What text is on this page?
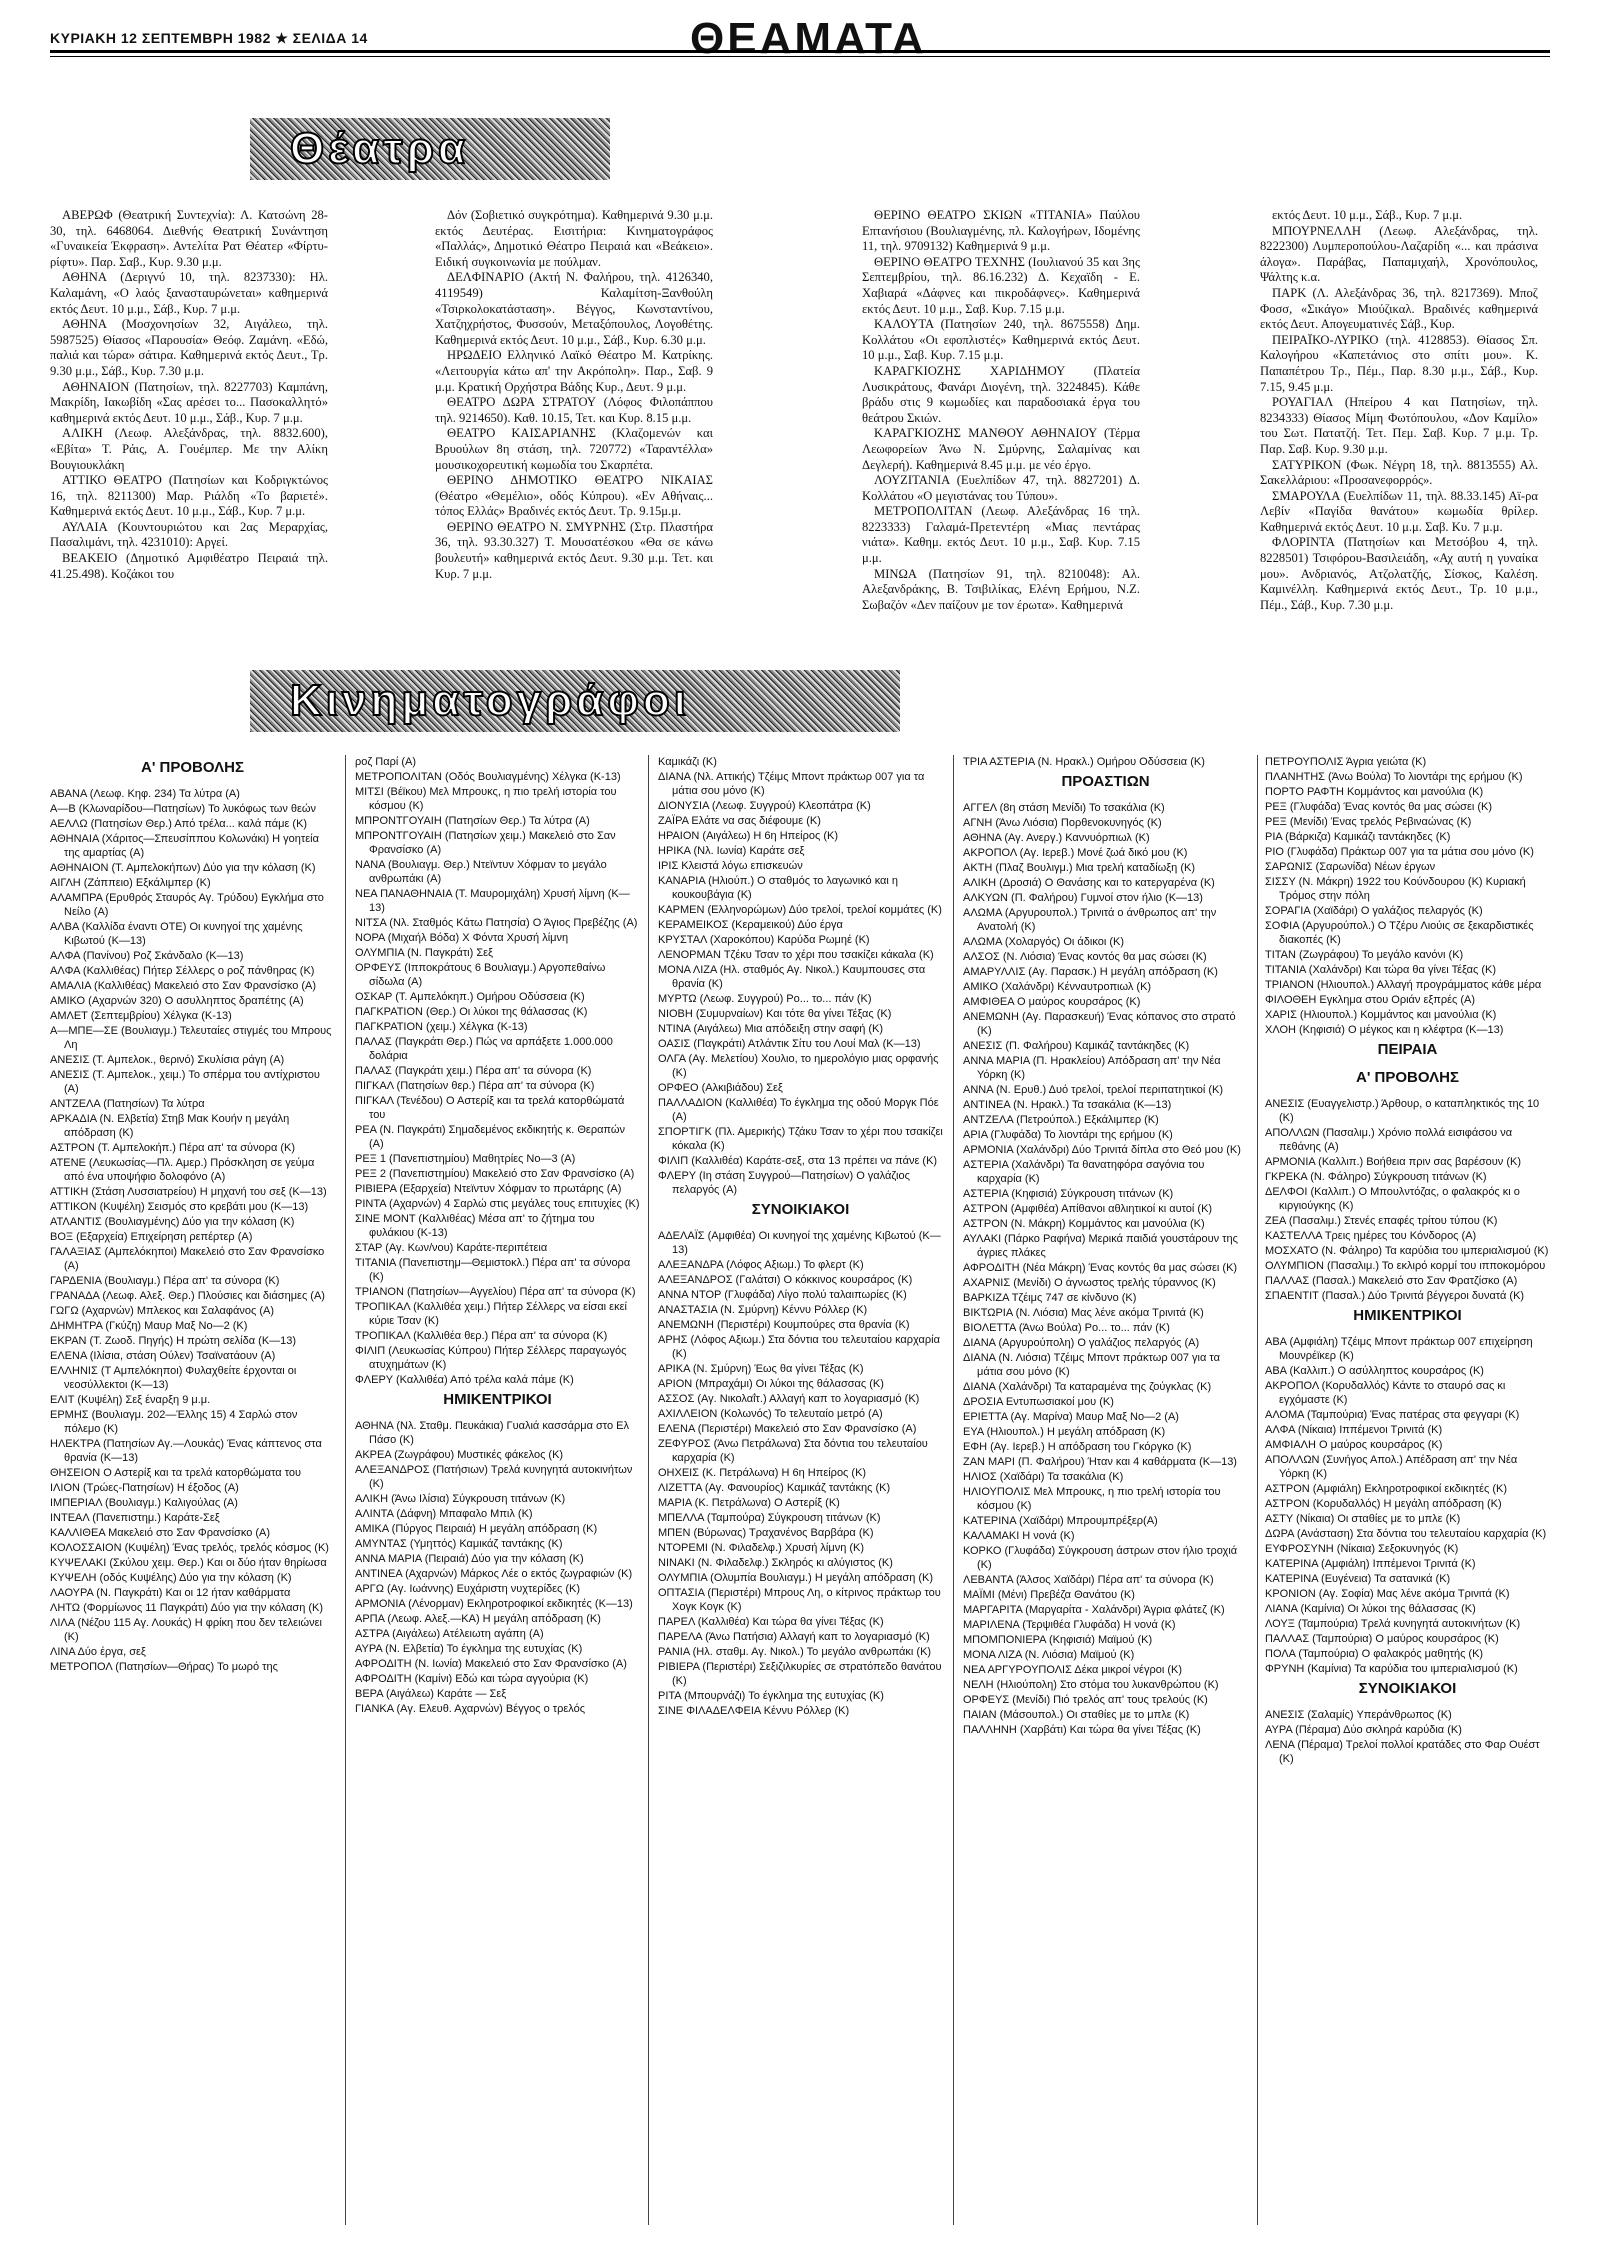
ΚΥΡΙΑΚΗ 12 ΣΕΠΤΕΜΒΡΗ 1982 ★ ΣΕΛΙΔΑ 14	ΘΕΑΜΑΤΑ
Θέατρα

ΑΒΕΡΩΦ (Θεατρική Συντεχνία): Λ. Κατσώνη 28-30, τηλ. 6468064. Διεθνής Θεατρική Συνάντηση «Γυναικεία Έκφραση». Αντελίτα Ρατ Θέατερ «Φίρτυ-ρίφτυ». Παρ. Σαβ., Κυρ. 9.30 μ.μ.

ΑΘΗΝΑ (Δεριγνύ 10, τηλ. 8237330): Ηλ. Καλαμάνη, «Ο λαός ξανασταυρώνεται» καθημερινά εκτός Δευτ. 10 μ.μ., Σάβ., Κυρ. 7 μ.μ.

ΑΘΗΝΑ (Μοσχονησίων 32, Αιγάλεω, τηλ. 5987525) Θίασος «Παρουσία» Θεόφ. Ζαμάνη. «Εδώ, παλιά και τώρα» σάτιρα. Καθημερινά εκτός Δευτ., Τρ. 9.30 μ.μ., Σάβ., Κυρ. 7.30 μ.μ.

ΑΘΗΝΑΙΟΝ (Πατησίων, τηλ. 8227703) Καμπάνη, Μακρίδη, Ιακωβίδη «Σας αρέσει το... Πασοκαλλητό» καθημερινά εκτός Δευτ. 10 μ.μ., Σάβ., Κυρ. 7 μ.μ.

ΑΛΙΚΗ (Λεωφ. Αλεξάνδρας, τηλ. 8832.600), «Εβίτα» Τ. Ράις, Α. Γουέμπερ. Με την Αλίκη Βουγιουκλάκη

ΑΤΤΙΚΟ ΘΕΑΤΡΟ (Πατησίων και Κοδριγκτώνος 16, τηλ. 8211300) Μαρ. Ριάλδη «Το βαριετέ». Καθημερινά εκτός Δευτ. 10 μ.μ., Σάβ., Κυρ. 7 μ.μ.

ΑΥΛΑΙΑ (Κουντουριώτου και 2ας Μεραρχίας, Πασαλιμάνι, τηλ. 4231010): Αργεί.

ΒΕΑΚΕΙΟ (Δημοτικό Αμφιθέατρο Πειραιά τηλ. 41.25.498). Κοζάκοι του

Δόν (Σοβιετικό συγκρότημα). Καθημερινά 9.30 μ.μ. εκτός Δευτέρας. Εισιτήρια: Κινηματογράφος «Παλλάς», Δημοτικό Θέατρο Πειραιά και «Βεάκειο». Ειδική συγκοινωνία με πούλμαν.

ΔΕΛΦΙΝΑΡΙΟ (Ακτή Ν. Φαλήρου, τηλ. 4126340, 4119549) Καλαμίτση-Ξανθούλη «Τσιρκολοκατάσταση». Βέγγος, Κωνσταντίνου, Χατζηχρήστος, Φυσσούν, Μεταξόπουλος, Λογοθέτης. Καθημερινά εκτός Δευτ. 10 μ.μ., Σάβ., Κυρ. 6.30 μ.μ.

ΗΡΩΔΕΙΟ Ελληνικό Λαϊκό Θέατρο Μ. Κατρίκης. «Λειτουργία κάτω απ' την Ακρόπολη». Παρ., Σαβ. 9 μ.μ. Κρατική Ορχήστρα Βάδης Κυρ., Δευτ. 9 μ.μ.

ΘΕΑΤΡΟ ΔΩΡΑ ΣΤΡΑΤΟΥ (Λόφος Φιλοπάππου τηλ. 9214650). Καθ. 10.15, Τετ. και Κυρ. 8.15 μ.μ.

ΘΕΑΤΡΟ ΚΑΙΣΑΡΙΑΝΗΣ (Κλαζομενών και Βρυούλων 8η στάση, τηλ. 720772) «Ταραντέλλα» μουσικοχορευτική κωμωδία του Σκαρπέτα.

ΘΕΡΙΝΟ ΔΗΜΟΤΙΚΟ ΘΕΑΤΡΟ ΝΙΚΑΙΑΣ (Θέατρο «Θεμέλιο», οδός Κύπρου). «Εν Αθήναις... τόπος Ελλάς» Βραδινές εκτός Δευτ. Τρ. 9.15μ.μ.

ΘΕΡΙΝΟ ΘΕΑΤΡΟ Ν. ΣΜΥΡΝΗΣ (Στρ. Πλαστήρα 36, τηλ. 93.30.327) Τ. Μουσατέσκου «Θα σε κάνω βουλευτή» καθημερινά εκτός Δευτ. 9.30 μ.μ. Τετ. και Κυρ. 7 μ.μ.

ΘΕΡΙΝΟ ΘΕΑΤΡΟ ΣΚΙΩΝ «ΤΙΤΑΝΙΑ» Παύλου Επτανήσιου (Βουλιαγμένης, πλ. Καλογήρων, Ιδομένης 11, τηλ. 9709132) Καθημερινά 9 μ.μ.

ΘΕΡΙΝΟ ΘΕΑΤΡΟ ΤΕΧΝΗΣ (Ιουλιανού 35 και 3ης Σεπτεμβρίου, τηλ. 86.16.232) Δ. Κεχαϊδη - Ε. Χαβιαρά «Δάφνες και πικροδάφνες». Καθημερινά εκτός Δευτ. 10 μ.μ., Σαβ. Κυρ. 7.15 μ.μ.

ΚΑΛΟΥΤΑ (Πατησίων 240, τηλ. 8675558) Δημ. Κολλάτου «Οι εφοπλιστές» Καθημερινά εκτός Δευτ. 10 μ.μ., Σαβ. Κυρ. 7.15 μ.μ.

ΚΑΡΑΓΚΙΟΖΗΣ ΧΑΡΙΔΗΜΟΥ (Πλατεία Λυσικράτους, Φανάρι Διογένη, τηλ. 3224845). Κάθε βράδυ στις 9 κωμωδίες και παραδοσιακά έργα του θεάτρου Σκιών.

ΚΑΡΑΓΚΙΟΖΗΣ ΜΑΝΘΟΥ ΑΘΗΝΑΙΟΥ (Τέρμα Λεωφορείων Άνω Ν. Σμύρνης, Σαλαμίνας και Δεγλερή). Καθημερινά 8.45 μ.μ. με νέο έργο.

ΛΟΥΖΙΤΑΝΙΑ (Ευελπίδων 47, τηλ. 8827201) Δ. Κολλάτου «Ο μεγιστάνας του Τύπου».

ΜΕΤΡΟΠΟΛΙΤΑΝ (Λεωφ. Αλεξάνδρας 16 τηλ. 8223333) Γαλαμά-Πρετεντέρη «Μιας πεντάρας νιάτα». Καθημ. εκτός Δευτ. 10 μ.μ., Σαβ. Κυρ. 7.15 μ.μ.

ΜΙΝΩΑ (Πατησίων 91, τηλ. 8210048): Αλ. Αλεξανδράκης, Β. Τσιβιλίκας, Ελένη Ερήμου, Ν.Ζ. Σωβαζόν «Δεν παίζουν με τον έρωτα». Καθημερινά

εκτός Δευτ. 10 μ.μ., Σάβ., Κυρ. 7 μ.μ.

ΜΠΟΥΡΝΕΛΛΗ (Λεωφ. Αλεξάνδρας, τηλ. 8222300) Λυμπεροπούλου-Λαζαρίδη «... και πράσινα άλογα». Παράβας, Παπαμιχαήλ, Χρονόπουλος, Ψάλτης κ.α.

ΠΑΡΚ (Λ. Αλεξάνδρας 36, τηλ. 8217369). Μποζ Φοσσ, «Σικάγο» Μιούζικαλ. Βραδινές καθημερινά εκτός Δευτ. Απογευματινές Σάβ., Κυρ.

ΠΕΙΡΑΪΚΟ-ΛΥΡΙΚΟ (τηλ. 4128853). Θίασος Σπ. Καλογήρου «Καπετάνιος στο σπίτι μου». Κ. Παπαπέτρου Τρ., Πέμ., Παρ. 8.30 μ.μ., Σάβ., Κυρ. 7.15, 9.45 μ.μ.

ΡΟΥΑΓΙΑΛ (Ηπείρου 4 και Πατησίων, τηλ. 8234333) Θίασος Μίμη Φωτόπουλου, «Δον Καμίλο» του Σωτ. Πατατζή. Τετ. Πεμ. Σαβ. Κυρ. 7 μ.μ. Τρ. Παρ. Σαβ. Κυρ. 9.30 μ.μ.

ΣΑΤΥΡΙΚΟΝ (Φωκ. Νέγρη 18, τηλ. 8813555) Αλ. Σακελλάριου: «Προσανεφορρός».

ΣΜΑΡΟΥΛΑ (Ευελπίδων 11, τηλ. 88.33.145) Αϊ-ρα Λεβίν «Παγίδα θανάτου» κωμωδία θρίλερ. Καθημερινά εκτός Δευτ. 10 μ.μ. Σαβ. Κυ. 7 μ.μ.

ΦΛΟΡΙΝΤΑ (Πατησίων και Μετσόβου 4, τηλ. 8228501) Τσιφόρου-Βασιλειάδη, «Αχ αυτή η γυναίκα μου». Ανδριανός, Ατζολατζής, Σίσκος, Καλέση. Καμινέλλη. Καθημερινά εκτός Δευτ., Τρ. 10 μ.μ., Πέμ., Σάβ., Κυρ. 7.30 μ.μ.

Κινηματογράφοι
Α' ΠΡΟΒΟΛΗΣ
ΑΒΑΝΑ (Λεωφ. Κηφ. 234) Τα λύτρα (Α)
Α—Β (Κλωναρίδου—Πατησίων) Το λυκόφως των θεών
ΑΕΛΛΩ (Πατησίων Θερ.) Από τρέλα... καλά πάμε (Κ)
ΑΘΗΝΑΙΑ (Χάριτος—Σπευσίππου Κολωνάκι) Η γοητεία της αμαρτίας (Α)
ΑΘΗΝΑΙΟΝ (Τ. Αμπελοκήπων) Δύο για την κόλαση (Κ)
ΑΙΓΛΗ (Ζάππειο) Εξκάλιμπερ (Κ)
ΑΛΑΜΠΡΑ (Ερυθρός Σταυρός Αγ. Τρύδου) Εγκλήμα στο Νείλο (Α)
ΑΛΒΑ (Καλλίδα έναντι ΟΤΕ) Οι κυνηγοί της χαμένης Κιβωτού (Κ—13)
ΑΛΦΑ (Πανίνου) Ροζ Σκάνδαλο (Κ—13)
ΑΛΦΑ (Καλλιθέας) Πήτερ Σέλλερς ο ροζ πάνθηρας (Κ)
ΑΜΑΛΙΑ (Καλλιθέας) Μακελειό στο Σαν Φρανσίσκο (Α)
ΑΜΙΚΟ (Αχαρνών 320) Ο ασυλληπτος δραπέτης (Α)
ΑΜΛΕΤ (Σεπτεμβρίου) Χέλγκα (Κ-13)
Α—ΜΠΕ—ΣΕ (Βουλιαγμ.) Τελευταίες στιγμές του Μπρους Λη
ΑΝΕΣΙΣ (Τ. Αμπελοκ., θερινό) Σκυλίσια ράγη (Α)
ΑΝΕΣΙΣ (Τ. Αμπελοκ., χειμ.) Το σπέρμα του αντίχριστου (Α)
ΑΝΤΖΕΛΑ (Πατησίων) Τα λύτρα
ΑΡΚΑΔΙΑ (Ν. Ελβετία) Στηβ Μακ Κουήν η μεγάλη απόδραση (Κ)
ΑΣΤΡΟΝ (Τ. Αμπελοκήπ.) Πέρα απ' τα σύνορα (Κ)
ΑΤΕΝΕ (Λευκωσίας—Πλ. Αμερ.) Πρόσκληση σε γεύμα από ένα υποψήφιο δολοφόνο (Α)
ΑΤΤΙΚΗ (Στάση Λυσσιατρείου) Η μηχανή του σεξ (Κ—13)
ΑΤΤΙΚΟΝ (Κυψέλη) Σεισμός στο κρεβάτι μου (Κ—13)
ΑΤΛΑΝΤΙΣ (Βουλιαγμένης) Δύο για την κόλαση (Κ)
ΒΟΞ (Εξαρχεία) Επιχείρηση ρεπέρτερ (Α)
ΓΑΛΑΞΙΑΣ (Αμπελόκηποι) Μακελειό στο Σαν Φρανσίσκο (Α)
ΓΑΡΔΕΝΙΑ (Βουλιαγμ.) Πέρα απ' τα σύνορα (Κ)
ΓΡΑΝΑΔΑ (Λεωφ. Αλεξ. Θερ.) Πλούσιες και διάσημες (Α)
ΓΩΓΩ (Αχαρνών) Μπλεκος και Σαλαφάνος (Α)
ΔΗΜΗΤΡΑ (Γκύζη) Μαυρ Μαξ Νο—2 (Κ)
ΕΚΡΑΝ (Τ. Ζωοδ. Πηγής) Η πρώτη σελίδα (Κ—13)
ΕΛΕΝΑ (Ιλίσια, στάση Ούλεν) Τσαϊνατάουν (Α)
ΕΛΛΗΝΙΣ (Τ Αμπελόκηποι) Φυλαχθείτε έρχονται οι νεοσύλλεκτοι (Κ—13)
ΕΛΙΤ (Κυψέλη) Σεξ έναρξη 9 μ.μ.
ΕΡΜΗΣ (Βουλιαγμ. 202—Έλλης 15) 4 Σαρλώ στον πόλεμο (Κ)
ΗΛΕΚΤΡΑ (Πατησίων Αγ.—Λουκάς) Ένας κάπτενος στα θρανία (Κ—13)
ΘΗΣΕΙΟΝ Ο Αστερίξ και τα τρελά κατορθώματα του
ΙΛΙΟΝ (Τρώες-Πατησίων) Η έξοδος (Α)
ΙΜΠΕΡΙΑΛ (Βουλιαγμ.) Καλιγούλας (Α)
ΙΝΤΕΑΛ (Πανεπιστημ.) Καράτε-Σεξ
ΚΑΛΛΙΘΕΑ Μακελειό στο Σαν Φρανσίσκο (Α)
ΚΟΛΟΣΣΑΙΟΝ (Κυψέλη) Ένας τρελός, τρελός κόσμος (Κ)
ΚΥΨΕΛΑΚΙ (Σκύλου χειμ. Θερ.) Και οι δύο ήταν θηρίωσα
ΚΥΨΕΛΗ (οδός Κυψέλης) Δύο για την κόλαση (Κ)
ΛΑΟΥΡΑ (Ν. Παγκράτι) Και οι 12 ήταν καθάρματα
ΛΗΤΩ (Φορμίωνος 11 Παγκράτι) Δύο για την κόλαση (Κ)
ΛΙΛΑ (Νέζου 115 Αγ. Λουκάς) Η φρίκη που δεν τελειώνει (Κ)
ΛΙΝΑ Δύο έργα, σεξ
ΜΕΤΡΟΠΟΛ (Πατησίων—Θήρας) Το μωρό της
ροζ Παρί (Α)
ΜΕΤΡΟΠΟΛΙΤΑΝ (Οδός Βουλιαγμένης) Χέλγκα (Κ-13)
ΜΙΤΣΙ (Βέϊκου) Μελ Μπρουκς, η πιο τρελή ιστορία του κόσμου (Κ)
ΜΠΡΟΝΤΓΟΥΑΙΗ (Πατησίων Θερ.) Τα λύτρα (Α)
ΜΠΡΟΝΤΓΟΥΑΙΗ (Πατησίων χειμ.) Μακελειό στο Σαν Φρανσίσκο (Α)
ΝΑΝΑ (Βουλιαγμ. Θερ.) Ντεϊντυν Χόφμαν το μεγάλο ανθρωπάκι (Α)
ΝΕΑ ΠΑΝΑΘΗΝΑΙΑ (Τ. Μαυρομιχάλη) Χρυσή λίμνη (Κ—13)
ΝΙΤΣΑ (Νλ. Σταθμός Κάτω Πατησία) Ο Άγιος Πρεβέζης (Α)
ΝΟΡΑ (Μιχαήλ Βόδα) Χ Φόντα Χρυσή λίμνη
ΟΛΥΜΠΙΑ (Ν. Παγκράτι) Σεξ
ΟΡΦΕΥΣ (Ιπποκράτους 6 Βουλιαγμ.) Αργοπεθαίνω σίδωλα (Α)
ΟΣΚΑΡ (Τ. Αμπελόκηπ.) Ομήρου Οδύσσεια (Κ)
ΠΑΓΚΡΑΤΙΟΝ (Θερ.) Οι λύκοι της θάλασσας (Κ)
ΠΑΓΚΡΑΤΙΟΝ (χειμ.) Χέλγκα (Κ-13)
ΠΑΛΑΣ (Παγκράτι Θερ.) Πώς να αρπάξετε 1.000.000 δολάρια
ΠΑΛΑΣ (Παγκράτι χειμ.) Πέρα απ' τα σύνορα (Κ)
ΠΙΓΚΑΛ (Πατησίων θερ.) Πέρα απ' τα σύνορα (Κ)
ΠΙΓΚΑΛ (Τενέδου) Ο Αστερίξ και τα τρελά κατορθώματά του
ΡΕΑ (Ν. Παγκράτι) Σημαδεμένος εκδικητής κ. Θεραπών (Α)
ΡΕΞ 1 (Πανεπιστημίου) Μαθητρίες Νο—3 (Α)
ΡΕΞ 2 (Πανεπιστημίου) Μακελειό στο Σαν Φρανσίσκο (Α)
ΡΙΒΙΕΡΑ (Εξαρχεία) Ντεϊντυν Χόφμαν το πρωτάρης (Α)
ΡΙΝΤΑ (Αχαρνών) 4 Σαρλώ στις μεγάλες τους επιτυχίες (Κ)
ΣΙΝΕ ΜΟΝΤ (Καλλιθέας) Μέσα απ' το ζήτημα του φυλάκιου (Κ-13)
ΣΤΑΡ (Αγ. Κων/νου) Καράτε-περιπέτεια
ΤΙΤΑΝΙΑ (Πανεπιστημ—Θεμιστοκλ.) Πέρα απ' τα σύνορα (Κ)
ΤΡΙΑΝΟΝ (Πατησίων—Αγγελίου) Πέρα απ' τα σύνορα (Κ)
ΤΡΟΠΙΚΑΛ (Καλλιθέα χειμ.) Πήτερ Σέλλερς να είσαι εκεί κύριε Τσαν (Κ)
ΤΡΟΠΙΚΑΛ (Καλλιθέα θερ.) Πέρα απ' τα σύνορα (Κ)
ΦΙΛΙΠ (Λευκωσίας Κύπρου) Πήτερ Σέλλερς παραγωγός ατυχημάτων (Κ)
ΦΛΕΡΥ (Καλλιθέα) Από τρέλα καλά πάμε (Κ)
ΗΜΙΚΕΝΤΡΙΚΟΙ
ΑΘΗΝΑ (Νλ. Σταθμ. Πευκάκια) Γυαλιά κασσάρμα στο Ελ Πάσο (Κ)
ΑΚΡΕΑ (Ζωγράφου) Μυστικές φάκελος (Κ)
ΑΛΕΞΑΝΔΡΟΣ (Πατήσιων) Τρελά κυνηγητά αυτοκινήτων (Κ)
ΑΛΙΚΗ (Άνω Ιλίσια) Σύγκρουση τιτάνων (Κ)
ΑΛΙΝΤΑ (Δάφνη) Μπαφαλο Μπιλ (Κ)
ΑΜΙΚΑ (Πύργος Πειραιά) Η μεγάλη απόδραση (Κ)
ΑΜΥΝΤΑΣ (Υμηττός) Καμικάζ ταντάκης (Κ)
ΑΝΝΑ ΜΑΡΙΑ (Πειραιά) Δύο για την κόλαση (Κ)
ΑΝΤΙΝΕΑ (Αχαρνών) Μάρκος Λέε ο εκτός ζωγραφιών (Κ)
ΑΡΓΩ (Αγ. Ιωάννης) Ευχάριστη νυχτερίδες (Κ)
ΑΡΜΟΝΙΑ (Λένορμαν) Εκληροτροφικοί εκδικητές (Κ—13)
ΑΡΠΑ (Λεωφ. Αλεξ.—ΚΑ) Η μεγάλη απόδραση (Κ)
ΑΣΤΡΑ (Αιγάλεω) Ατέλειωτη αγάπη (Α)
ΑΥΡΑ (Ν. Ελβετία) Το έγκλημα της ευτυχίας (Κ)
ΑΦΡΟΔΙΤΗ (Ν. Ιωνία) Μακελειό στο Σαν Φρανσίσκο (Α)
ΑΦΡΟΔΙΤΗ (Καμίνι) Εδώ και τώρα αγγούρια (Κ)
ΒΕΡΑ (Αιγάλεω) Καράτε — Σεξ
ΓΙΑΝΚΑ (Αγ. Ελευθ. Αχαρνών) Βέγγος ο τρελός
Καμικάζι (Κ)
ΔΙΑΝΑ (Νλ. Αττικής) Τζέιμς Μποντ πράκτωρ 007 για τα μάτια σου μόνο (Κ)
ΔΙΟΝΥΣΙΑ (Λεωφ. Συγγρού) Κλεοπάτρα (Κ)
ΖΑΪΡΑ Ελάτε να σας διέφουμε (Κ)
ΗΡΑΙΟΝ (Αιγάλεω) Η 6η Ηπείρος (Κ)
ΗΡΙΚΑ (Νλ. Ιωνία) Καράτε σεξ
ΙΡΙΣ Κλειστά λόγω επισκευών
ΚΑΝΑΡΙΑ (Ηλιούπ.) Ο σταθμός το λαγωνικό και η κουκουβάγια (Κ)
ΚΑΡΜΕΝ (Ελληνορώμων) Δύο τρελοί, τρελοί κομμάτες (Κ)
ΚΕΡΑΜΕΙΚΟΣ (Κεραμεικού) Δύο έργα
ΚΡΥΣΤΑΛ (Χαροκόπου) Καρύδα Ρωμηέ (Κ)
ΛΕΝΟΡΜΑΝ Τζέκυ Τσαν το χέρι που τσακίζει κάκαλα (Κ)
ΜΟΝΑ ΛΙΖΑ (Ηλ. σταθμός Αγ. Νικολ.) Καυμπουσες στα θρανία (Κ)
ΜΥΡΤΩ (Λεωφ. Συγγρού) Ρο... το... πάν (Κ)
ΝΙΟΒΗ (Συμυρναίων) Και τότε θα γίνει Τέξας (Κ)
ΝΤΙΝΑ (Αιγάλεω) Μια απόδειξη στην σαφή (Κ)
ΟΑΣΙΣ (Παγκράτι) Ατλάντικ Σίτυ του Λουί Μαλ (Κ—13)
ΟΛΓΑ (Αγ. Μελετίου) Χουλιο, το ημερολόγιο μιας ορφανής (Κ)
ΟΡΦΕΟ (Αλκιβιάδου) Σεξ
ΠΑΛΛΑΔΙΟΝ (Καλλιθέα) Το έγκλημα της οδού Μοργκ Πόε (Α)
ΣΠΟΡΤΙΓΚ (Πλ. Αμερικής) Τζάκυ Τσαν το χέρι που τσακίζει κόκαλα (Κ)
ΦΙΛΙΠ (Καλλιθέα) Καράτε-σεξ, στα 13 πρέπει να πάνε (Κ)
ΦΛΕΡΥ (Ιη στάση Συγγρού—Πατησίων) Ο γαλάζιος πελαργός (Α)
ΣΥΝΟΙΚΙΑΚΟΙ
ΑΔΕΛΑΪΣ (Αμφιθέα) Οι κυνηγοί της χαμένης Κιβωτού (Κ—13)
ΑΛΕΞΑΝΔΡΑ (Λόφος Αξιωμ.) Το φλερτ (Κ)
ΑΛΕΞΑΝΔΡΟΣ (Γαλάτσι) Ο κόκκινος κουρσάρος (Κ)
ΑΝΝΑ ΝΤΟΡ (Γλυφάδα) Λίγο πολύ ταλαιπωρίες (Κ)
ΑΝΑΣΤΑΣΙΑ (Ν. Σμύρνη) Κέννυ Ρόλλερ (Κ)
ΑΝΕΜΩΝΗ (Περιστέρι) Κουμπούρες στα θρανία (Κ)
ΑΡΗΣ (Λόφος Αξιωμ.) Στα δόντια του τελευταίου καρχαρία (Κ)
ΑΡΙΚΑ (Ν. Σμύρνη) Έως θα γίνει Τέξας (Κ)
ΑΡΙΟΝ (Μπραχάμι) Οι λύκοι της θάλασσας (Κ)
ΑΣΣΟΣ (Αγ. Νικολαΐτ.) Αλλαγή καπ το λογαριασμό (Κ)
ΑΧΙΛΛΕΙΟΝ (Κολωνός) Το τελευταίο μετρό (Α)
ΕΛΕΝΑ (Περιστέρι) Μακελειό στο Σαν Φρανσίσκο (Α)
ΖΕΦΥΡΟΣ (Άνω Πετράλωνα) Στα δόντια του τελευταίου καρχαρία (Κ)
ΟΗΧΕΙΣ (Κ. Πετράλωνα) Η 6η Ηπείρος (Κ)
ΛΙΖΕΤΤΑ (Αγ. Φανουρίος) Καμικάζ ταντάκης (Κ)
ΜΑΡΙΑ (Κ. Πετράλωνα) Ο Αστερίξ (Κ)
ΜΠΕΛΛΑ (Ταμπούρα) Σύγκρουση τιτάνων (Κ)
ΜΠΕΝ (Βύρωνας) Τραχανένος Βαρβάρα (Κ)
ΝΤΟΡΕΜΙ (Ν. Φιλαδελφ.) Χρυσή λίμνη (Κ)
ΝΙΝΑΚΙ (Ν. Φιλαδελφ.) Σκληρός κι αλύγιστος (Κ)
ΟΛΥΜΠΙΑ (Ολυμπία Βουλιαγμ.) Η μεγάλη απόδραση (Κ)
ΟΠΤΑΣΙΑ (Περιστέρι) Μπρους Λη, ο κίτρινος πράκτωρ του Χογκ Κογκ (Κ)
ΠΑΡΕΛ (Καλλιθέα) Και τώρα θα γίνει Τέξας (Κ)
ΠΑΡΕΛΑ (Άνω Πατήσια) Αλλαγή καπ το λογαριασμό (Κ)
ΡΑΝΙΑ (Ηλ. σταθμ. Αγ. Νικολ.) Το μεγάλο ανθρωπάκι (Κ)
ΡΙΒΙΕΡΑ (Περιστέρι) Σεξιζιλκυρίες σε στρατόπεδο θανάτου (Κ)
ΡΙΤΑ (Μπουρνάζι) Το έγκλημα της ευτυχίας (Κ)
ΣΙΝΕ ΦΙΛΑΔΕΛΦΕΙΑ Κέννυ Ρόλλερ (Κ)
ΤΡΙΑ ΑΣΤΕΡΙΑ (Ν. Ηρακλ.) Ομήρου Οδύσσεια (Κ)
ΠΡΟΑΣΤΙΩΝ
ΑΓΓΕΛ (8η στάση Μενίδι) Το τσακάλια (Κ)
ΑΓΝΗ (Άνω Λιόσια) Πορθενοκυνηγός (Κ)
ΑΘΗΝΑ (Αγ. Ανεργ.) Καννυόρπιωλ (Κ)
ΑΚΡΟΠΟΛ (Αγ. Ιερεβ.) Μονέ ζωά δικό μου (Κ)
ΑΚΤΗ (Πλαζ Βουλιγμ.) Μια τρελή καταδίωξη (Κ)
ΑΛΙΚΗ (Δροσιά) Ο Θανάσης και το κατεργαρένα (Κ)
ΑΛΚΥΩΝ (Π. Φαλήρου) Γυμνοί στον ήλιο (Κ—13)
ΑΛΩΜΑ (Αργυρουπολ.) Τρινιτά ο άνθρωπος απ' την Ανατολή (Κ)
ΑΛΩΜΑ (Χολαργός) Οι άδικοι (Κ)
ΑΛΣΟΣ (Ν. Λιόσια) Ένας κοντός θα μας σώσει (Κ)
ΑΜΑΡΥΛΛΙΣ (Αγ. Παρασκ.) Η μεγάλη απόδραση (Κ)
ΑΜΙΚΟ (Χαλάνδρι) Κένναυτροπιωλ (Κ)
ΑΜΦΙΘΕΑ Ο μαύρος κουρσάρος (Κ)
ΑΝΕΜΩΝΗ (Αγ. Παρασκευή) Ένας κόπανος στο στρατό (Κ)
ΑΝΕΣΙΣ (Π. Φαλήρου) Καμικάζ ταντάκηδες (Κ)
ΑΝΝΑ ΜΑΡΙΑ (Π. Ηρακλείου) Απόδραση απ' την Νέα Υόρκη (Κ)
ΑΝΝΑ (Ν. Ερυθ.) Δυό τρελοί, τρελοί περιπατητικοί (Κ)
ΑΝΤΙΝΕΑ (Ν. Ηρακλ.) Τα τσακάλια (Κ—13)
ΑΝΤΖΕΛΑ (Πετρούπολ.) Εξκάλιμπερ (Κ)
ΑΡΙΑ (Γλυφάδα) Το λιοντάρι της ερήμου (Κ)
ΑΡΜΟΝΙΑ (Χαλάνδρι) Δύο Τρινιτά δίπλα στο Θεό μου (Κ)
ΑΣΤΕΡΙΑ (Χαλάνδρι) Τα θανατηφόρα σαγόνια του καρχαρία (Κ)
ΑΣΤΕΡΙΑ (Κηφισιά) Σύγκρουση τιτάνων (Κ)
ΑΣΤΡΟΝ (Αμφιθέα) Απίθανοι αθλιητικοί κι αυτοί (Κ)
ΑΣΤΡΟΝ (Ν. Μάκρη) Κομμάντος και μανούλια (Κ)
ΑΥΛΑΚΙ (Πάρκο Ραφήνα) Μερικά παιδιά γουστάρουν της άγριες πλάκες
ΑΦΡΟΔΙΤΗ (Νέα Μάκρη) Ένας κοντός θα μας σώσει (Κ)
ΑΧΑΡΝΙΣ (Μενίδι) Ο άγνωστος τρελής τύραννος (Κ)
ΒΑΡΚΙΖΑ Τζέιμς 747 σε κίνδυνο (Κ)
ΒΙΚΤΩΡΙΑ (Ν. Λιόσια) Μας λένε ακόμα Τρινιτά (Κ)
ΒΙΟΛΕΤΤΑ (Άνω Βούλα) Ρο... το... πάν (Κ)
ΔΙΑΝΑ (Αργυρούπολη) Ο γαλάζιος πελαργός (Α)
ΔΙΑΝΑ (Ν. Λιόσια) Τζέιμς Μποντ πράκτωρ 007 για τα μάτια σου μόνο (Κ)
ΔΙΑΝΑ (Χαλάνδρι) Τα καταραμένα της ζούγκλας (Κ)
ΔΡΟΣΙΑ Εντυπωσιακοί μου (Κ)
ΕΡΙΕΤΤΑ (Αγ. Μαρίνα) Μαυρ Μαξ Νο—2 (Α)
ΕΥΑ (Ηλιουπολ.) Η μεγάλη απόδραση (Κ)
ΕΦΗ (Αγ. Ιερεβ.) Η απόδραση του Γκόργκο (Κ)
ΖΑΝ ΜΑΡΙ (Π. Φαλήρου) Ήταν και 4 καθάρματα (Κ—13)
ΗΛΙΟΣ (Χαϊδάρι) Τα τσακάλια (Κ)
ΗΛΙΟΥΠΟΛΙΣ Μελ Μπρουκς, η πιο τρελή ιστορία του κόσμου (Κ)
ΚΑΤΕΡΙΝΑ (Χαϊδάρι) Μπρουμπρέξερ(Α)
ΚΑΛΑΜΑΚΙ Η νονά (Κ)
ΚΟΡΚΟ (Γλυφάδα) Σύγκρουση άστρων στον ήλιο τροχιά (Κ)
ΛΕΒΑΝΤΑ (Άλσος Χαϊδάρι) Πέρα απ' τα σύνορα (Κ)
ΜΑΪΜΙ (Μένι) Πρεβέζα Θανάτου (Κ)
ΜΑΡΓΑΡΙΤΑ (Μαργαρίτα - Χαλάνδρι) Άγρια φλάτεζ (Κ)
ΜΑΡΙΛΕΝΑ (Τερψιθέα Γλυφάδα) Η νονά (Κ)
ΜΠΟΜΠΟΝΙΕΡΑ (Κηφισιά) Μαϊμού (Κ)
ΜΟΝΑ ΛΙΖΑ (Ν. Λιόσια) Μαϊμού (Κ)
ΝΕΑ ΑΡΓΥΡΟΥΠΟΛΙΣ Δέκα μικροί νέγροι (Κ)
ΝΕΛΗ (Ηλιούπολη) Στο στόμα του λυκανθρώπου (Κ)
ΟΡΦΕΥΣ (Μενίδι) Πιό τρελός απ' τους τρελούς (Κ)
ΠΑΙΑΝ (Μάσουπολ.) Οι σταθίες με το μπλε (Κ)
ΠΑΛΛΗΝΗ (Χαρβάτι) Και τώρα θα γίνει Τέξας (Κ)
ΠΕΤΡΟΥΠΟΛΙΣ Άγρια γειώτα (Κ)
ΠΛΑΝΗΤΗΣ (Άνω Βούλα) Το λιοντάρι της ερήμου (Κ)
ΠΟΡΤΟ ΡΑΦΤΗ Κομμάντος και μανούλια (Κ)
ΡΕΞ (Γλυφάδα) Ένας κοντός θα μας σώσει (Κ)
ΡΕΞ (Μενίδι) Ένας τρελός Ρεβιναώνας (Κ)
ΡΙΑ (Βάρκιζα) Καμικάζι ταντάκηδες (Κ)
ΡΙΟ (Γλυφάδα) Πράκτωρ 007 για τα μάτια σου μόνο (Κ)
ΣΑΡΩΝΙΣ (Σαρωνίδα) Νέων έργων
ΣΙΣΣΥ (Ν. Μάκρη) 1922 του Κούνδουρου (Κ) Κυριακή Τρόμος στην πόλη
ΣΟΡΑΓΙΑ (Χαϊδάρι) Ο γαλάζιος πελαργός (Κ)
ΣΟΦΙΑ (Αργυρούπολ.) Ο Τζέρυ Λιούις σε ξεκαρδιστικές διακοπές (Κ)
ΤΙΤΑΝ (Ζωγράφου) Το μεγάλο κανόνι (Κ)
ΤΙΤΑΝΙΑ (Χαλάνδρι) Και τώρα θα γίνει Τέξας (Κ)
ΤΡΙΑΝΟΝ (Ηλιουπολ.) Αλλαγή προγράμματος κάθε μέρα
ΦΙΛΟΘΕΗ Εγκλημα στου Οριάν εξπρές (Α)
ΧΑΡΙΣ (Ηλιουπολ.) Κομμάντος και μανούλια (Κ)
ΧΛΟΗ (Κηφισιά) Ο μέγκος και η κλέφτρα (Κ—13)
ΠΕΙΡΑΙΑ
Α' ΠΡΟΒΟΛΗΣ
ΑΝΕΣΙΣ (Ευαγγελιστρ.) Άρθουρ, ο καταπληκτικός της 10 (Κ)
ΑΠΟΛΛΩΝ (Πασαλιμ.) Χρόνιο πολλά εισιφάσου να πεθάνης (Α)
ΑΡΜΟΝΙΑ (Καλλιπ.) Βοήθεια πριν σας βαρέσουν (Κ)
ΓΚΡΕΚΑ (Ν. Φάληρο) Σύγκρουση τιτάνων (Κ)
ΔΕΛΦΟΙ (Καλλιπ.) Ο Μπουλντόζας, ο φαλακρός κι ο κιργιούγκης (Κ)
ΖΕΑ (Πασαλιμ.) Στενές επαφές τρίτου τύπου (Κ)
ΚΑΣΤΕΛΛΑ Τρεις ημέρες του Κόνδορος (Α)
ΜΟΣΧΑΤΟ (Ν. Φάληρο) Τα καρύδια του ιμπεριαλισμού (Κ)
ΟΛΥΜΠΙΟΝ (Πασαλιμ.) Το εκλιρό κορμί του ιπποκομόρου
ΠΑΛΛΑΣ (Πασαλ.) Μακελειό στο Σαν Φρατζίσκο (Α)
ΣΠΑΕΝΤΙΤ (Πασαλ.) Δύο Τρινιτά βέγγεροι δυνατά (Κ)
ΗΜΙΚΕΝΤΡΙΚΟΙ
ΑΒΑ (Αμφιάλη) Τζέιμς Μποντ πράκτωρ 007 επιχείρηση Μουνρέϊκερ (Κ)
ΑΒΑ (Καλλιπ.) Ο ασύλληπτος κουρσάρος (Κ)
ΑΚΡΟΠΟΛ (Κορυδαλλός) Κάντε το σταυρό σας κι εγχόμαστε (Κ)
ΑΛΟΜΑ (Ταμπούρια) Ένας πατέρας στα φεγγαρι (Κ)
ΑΛΦΑ (Νίκαια) Ιππέμενοι Τρινιτά (Κ)
ΑΜΦΙΑΛΗ Ο μαύρος κουρσάρος (Κ)
ΑΠΟΛΛΩΝ (Συνήγος Απολ.) Απέδραση απ' την Νέα Υόρκη (Κ)
ΑΣΤΡΟΝ (Αμφιάλη) Εκληροτροφικοί εκδικητές (Κ)
ΑΣΤΡΟΝ (Κορυδαλλός) Η μεγάλη απόδραση (Κ)
ΑΣΤΥ (Νίκαια) Οι σταθίες με το μπλε (Κ)
ΔΩΡΑ (Ανάσταση) Στα δόντια του τελευταίου καρχαρία (Κ)
ΕΥΦΡΟΣΥΝΗ (Νίκαια) Σεξοκυνηγός (Κ)
ΚΑΤΕΡΙΝΑ (Αμφιάλη) Ιππέμενοι Τρινιτά (Κ)
ΚΑΤΕΡΙΝΑ (Ευγένεια) Τα σατανικά (Κ)
ΚΡΟΝΙΟΝ (Αγ. Σοφία) Μας λένε ακόμα Τρινιτά (Κ)
ΛΙΑΝΑ (Καμίνια) Οι λύκοι της θάλασσας (Κ)
ΛΟΥΞ (Ταμπούρια) Τρελά κυνηγητά αυτοκινήτων (Κ)
ΠΑΛΛΑΣ (Ταμπούρια) Ο μαύρος κουρσάρος (Κ)
ΠΟΛΑ (Ταμπούρια) Ο φαλακρός μαθητής (Κ)
ΦΡΥΝΗ (Καμίνια) Τα καρύδια του ιμπεριαλισμού (Κ)
ΣΥΝΟΙΚΙΑΚΟΙ
ΑΝΕΣΙΣ (Σαλαμίς) Υπεράνθρωπος (Κ)
ΑΥΡΑ (Πέραμα) Δύο σκληρά καρύδια (Κ)
ΛΕΝΑ (Πέραμα) Τρελοί πολλοί κρατάδες στο Φαρ Ουέστ (Κ)
